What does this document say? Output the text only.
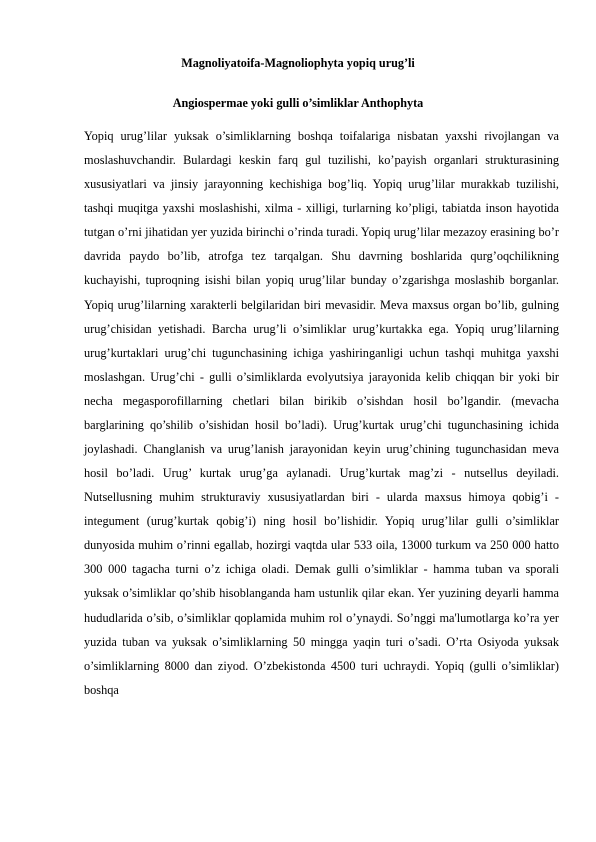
Magnoliyatoifa-Magnoliophyta yopiq urug’li
Angiospermae yoki gulli o’simliklar Anthophyta

Yopiq urug’lilar yuksak o’simliklarning boshqa toifalariga nisbatan yaxshi rivojlangan va moslashuvchandir. Bulardagi keskin farq gul tuzilishi, ko’payish organlari strukturasining xususiyatlari va jinsiy jarayonning kechishiga bog’liq. Yopiq urug’lilar murakkab tuzilishi, tashqi muqitga yaxshi moslashishi, xilma - xilligi, turlarning ko’pligi, tabiatda inson hayotida tutgan o’rni jihatidan yer yuzida birinchi o’rinda turadi. Yopiq urug’lilar mezazoy erasining bo’r davrida paydo bo’lib, atrofga tez tarqalgan. Shu davrning boshlarida qurg’oqchilikning kuchayishi, tuproqning isishi bilan yopiq urug’lilar bunday o’zgarishga moslashib borganlar. Yopiq urug’lilarning xarakterli belgilaridan biri mevasidir. Meva maxsus organ bo’lib, gulning urug’chisidan yetishadi. Barcha urug’li o’simliklar urug’kurtakka ega. Yopiq urug’lilarning urug’kurtaklari urug’chi tugunchasining ichiga yashiringanligi uchun tashqi muhitga yaxshi moslashgan. Urug’chi - gulli o’simliklarda evolyutsiya jarayonida kelib chiqqan bir yoki bir necha megasporofillarning chetlari bilan birikib o’sishdan hosil bo’lgandir. (mevacha barglarining qo’shilib o’sishidan hosil bo’ladi). Urug’kurtak urug’chi tugunchasining ichida joylashadi. Changlanish va urug’lanish jarayonidan keyin urug’chining tugunchasidan meva hosil bo’ladi. Urug’ kurtak urug’ga aylanadi. Urug’kurtak mag’zi - nutsellus deyiladi. Nutsellusning muhim strukturaviy xususiyatlardan biri - ularda maxsus himoya qobig’i -integument (urug’kurtak qobig’i) ning hosil bo’lishidir. Yopiq urug’lilar gulli o’simliklar dunyosida muhim o’rinni egallab, hozirgi vaqtda ular 533 oila, 13000 turkum va 250 000 hatto 300 000 tagacha turni o’z ichiga oladi. Demak gulli o’simliklar - hamma tuban va sporali yuksak o’simliklar qo’shib hisoblanganda ham ustunlik qilar ekan. Yer yuzining deyarli hamma hududlarida o’sib, o’simliklar qoplamida muhim rol o’ynaydi. So’nggi ma'lumotlarga ko’ra yer yuzida tuban va yuksak o’simliklarning 50 mingga yaqin turi o’sadi. O’rta Osiyoda yuksak o’simliklarning 8000 dan ziyod. O’zbekistonda 4500 turi uchraydi. Yopiq (gulli o’simliklar) boshqa
